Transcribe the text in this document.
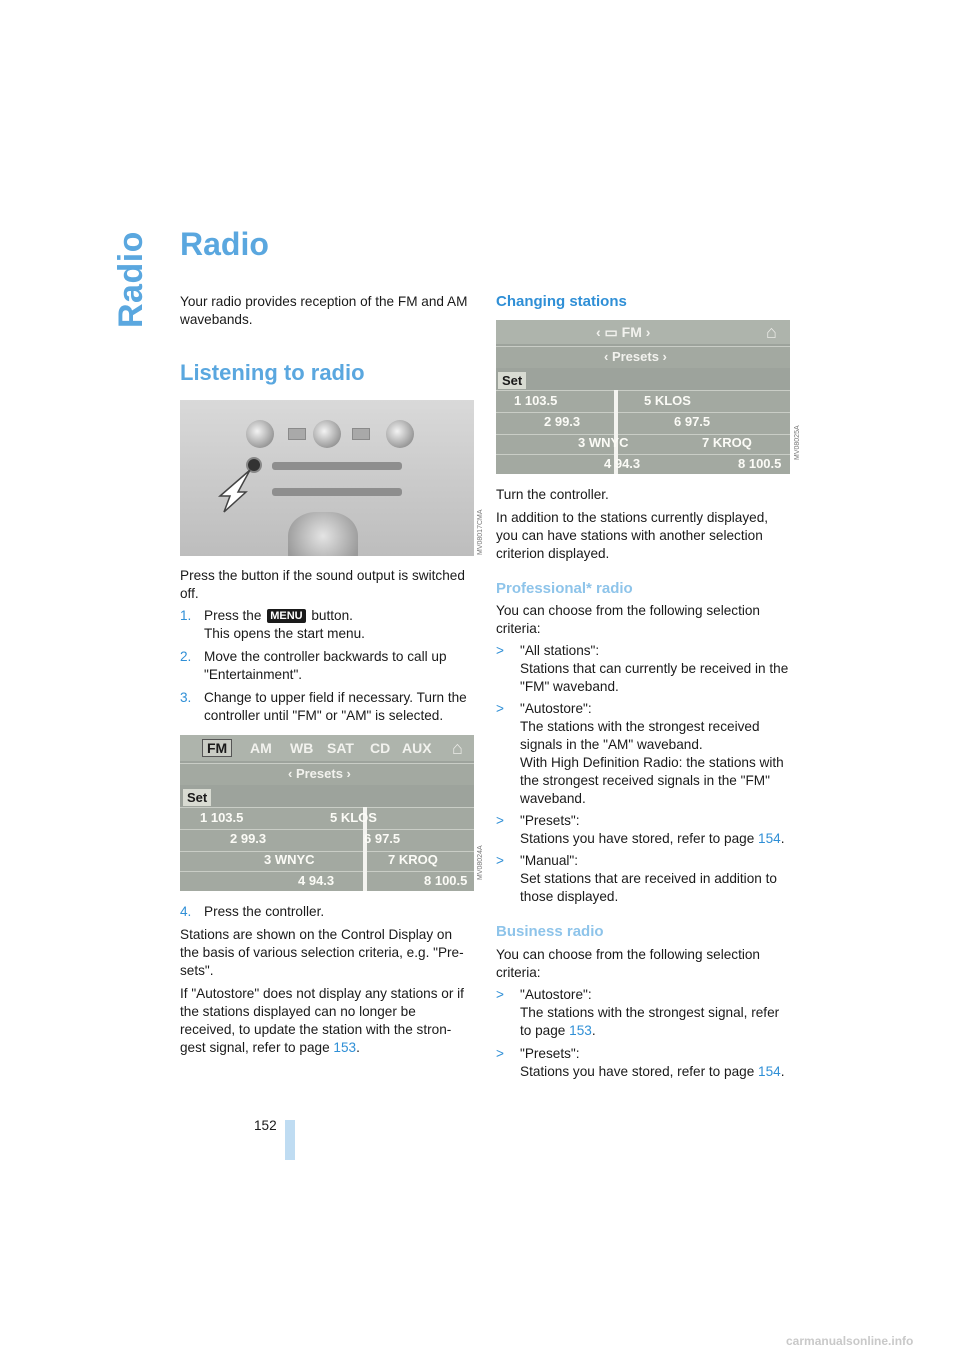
Radio Radio
Your radio provides reception of the FM and AM wavebands.
Listening to radio
MV08017CMA
Press the button if the sound output is switched off.
1. Press the MENU button.
This opens the start menu.
2. Move the controller backwards to call up "Entertainment".
3. Change to upper field if necessary. Turn the controller until "FM" or "AM" is selected.
FM	AM WB SAT CD AUX ⌂
‹ Presets ›
Set
1 103.5
2 99.3
3 WNYC
4 94.3
5 KLOS
6 97.5
7 KROQ
8 100.5
MV08024A
4. Press the controller.
Stations are shown on the Control Display on the basis of various selection criteria, e.g. "Pre-sets".
If "Autostore" does not display any stations or if the stations displayed can no longer be received, to update the station with the stron-gest signal, refer to page 153.
Changing stations
‹ ▭ FM ›	⌂
‹ Presets ›
Set
1 103.5
2 99.3
3 WNYC
4 94.3
5 KLOS
6 97.5
7 KROQ
8 100.5
MV08025A
Turn the controller.
In addition to the stations currently displayed, you can have stations with another selection criterion displayed.
Professional* radio
You can choose from the following selection criteria:
> "All stations":
Stations that can currently be received in the "FM" waveband.
> "Autostore":
The stations with the strongest received signals in the "AM" waveband.
With High Definition Radio: the stations with the strongest received signals in the "FM" waveband.
> "Presets":
Stations you have stored, refer to page 154.
> "Manual":
Set stations that are received in addition to those displayed.
Business radio
You can choose from the following selection criteria:
> "Autostore":
The stations with the strongest signal, refer to page 153.
> "Presets":
Stations you have stored, refer to page 154.
152
carmanualsonline.info
